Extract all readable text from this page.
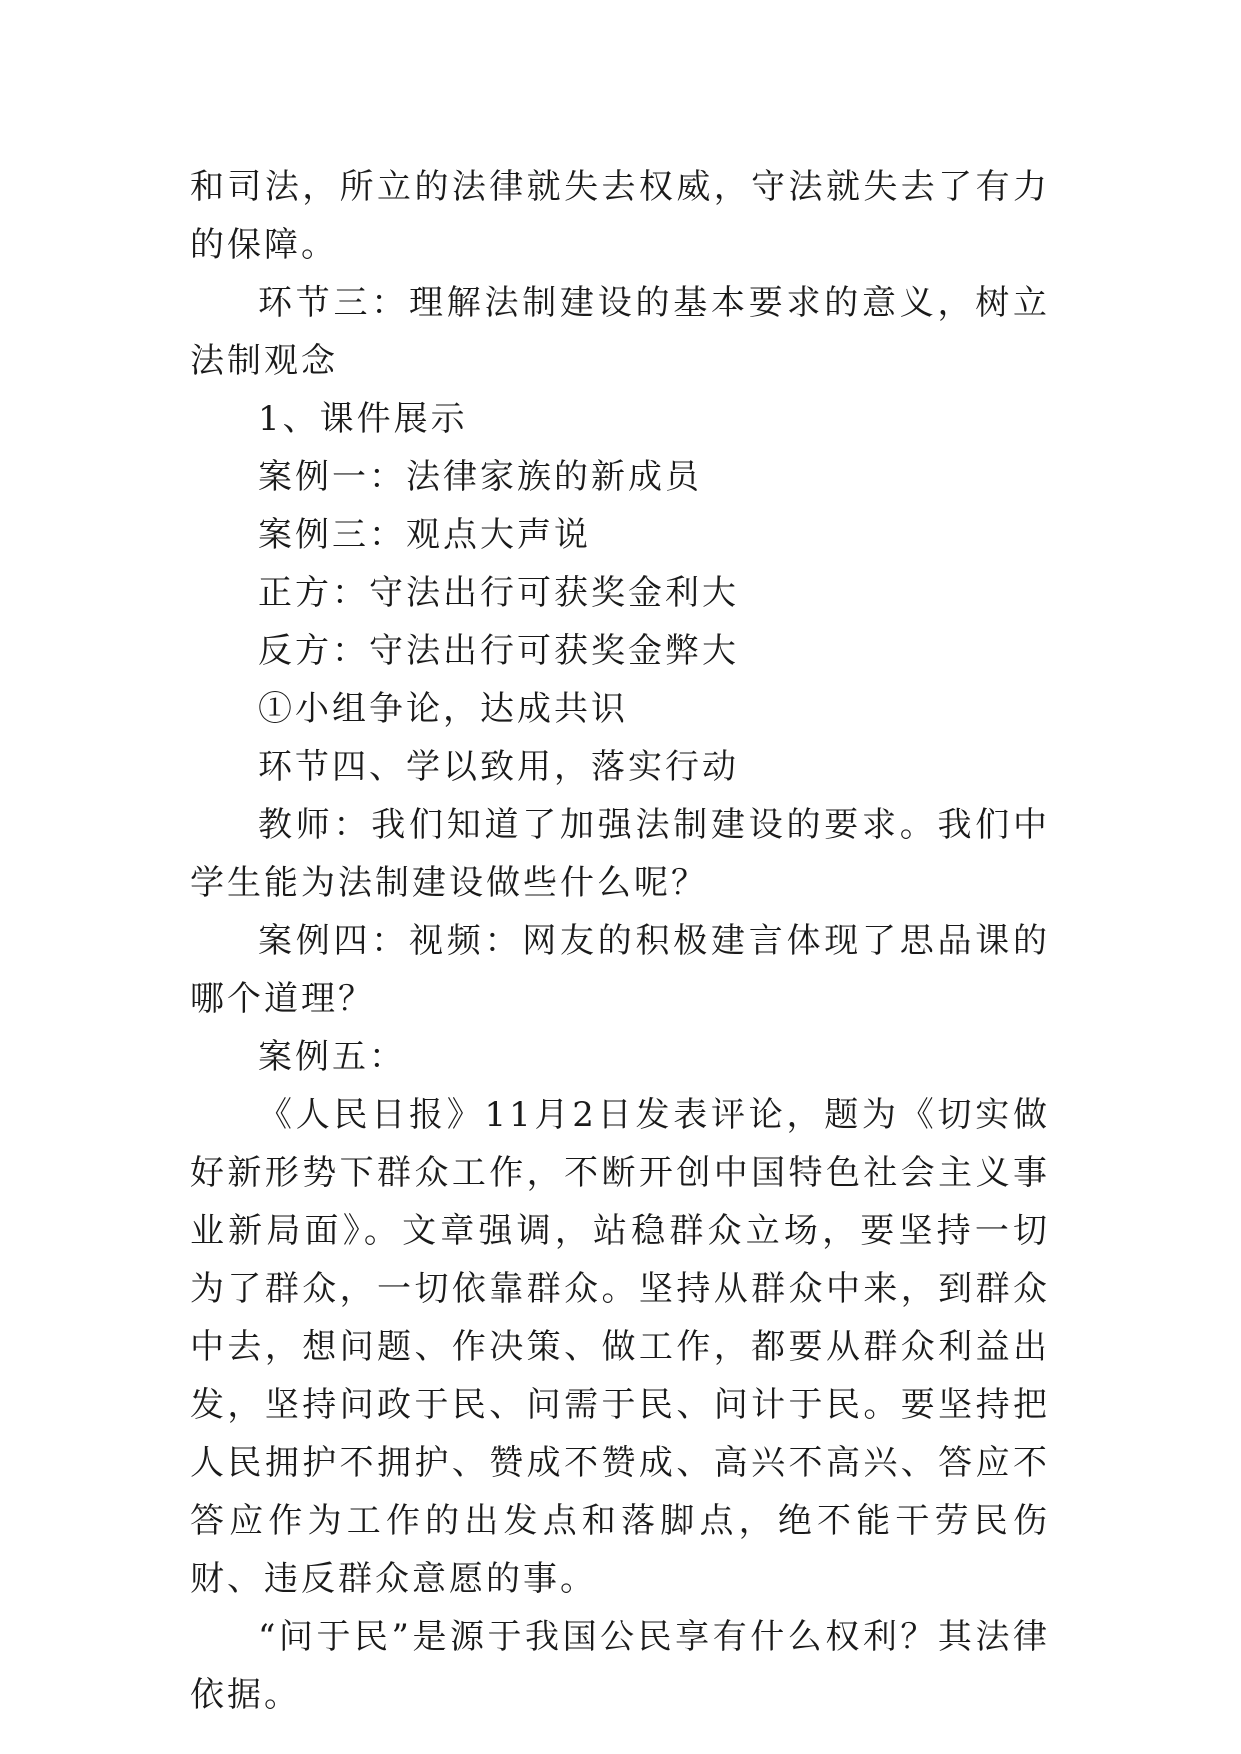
和司法，所立的法律就失去权威，守法就失去了有力的保障。

环节三：理解法制建设的基本要求的意义，树立法制观念

1、课件展示

案例一：法律家族的新成员

案例三：观点大声说

正方：守法出行可获奖金利大

反方：守法出行可获奖金弊大

①小组争论，达成共识

环节四、学以致用，落实行动

教师：我们知道了加强法制建设的要求。我们中学生能为法制建设做些什么呢？

案例四：视频：网友的积极建言体现了思品课的哪个道理？

案例五：

《人民日报》11月2日发表评论，题为《切实做好新形势下群众工作，不断开创中国特色社会主义事业新局面》。文章强调，站稳群众立场，要坚持一切为了群众，一切依靠群众。坚持从群众中来，到群众中去，想问题、作决策、做工作，都要从群众利益出发，坚持问政于民、问需于民、问计于民。要坚持把人民拥护不拥护、赞成不赞成、高兴不高兴、答应不答应作为工作的出发点和落脚点，绝不能干劳民伤财、违反群众意愿的事。

“问于民”是源于我国公民享有什么权利？其法律依据。
